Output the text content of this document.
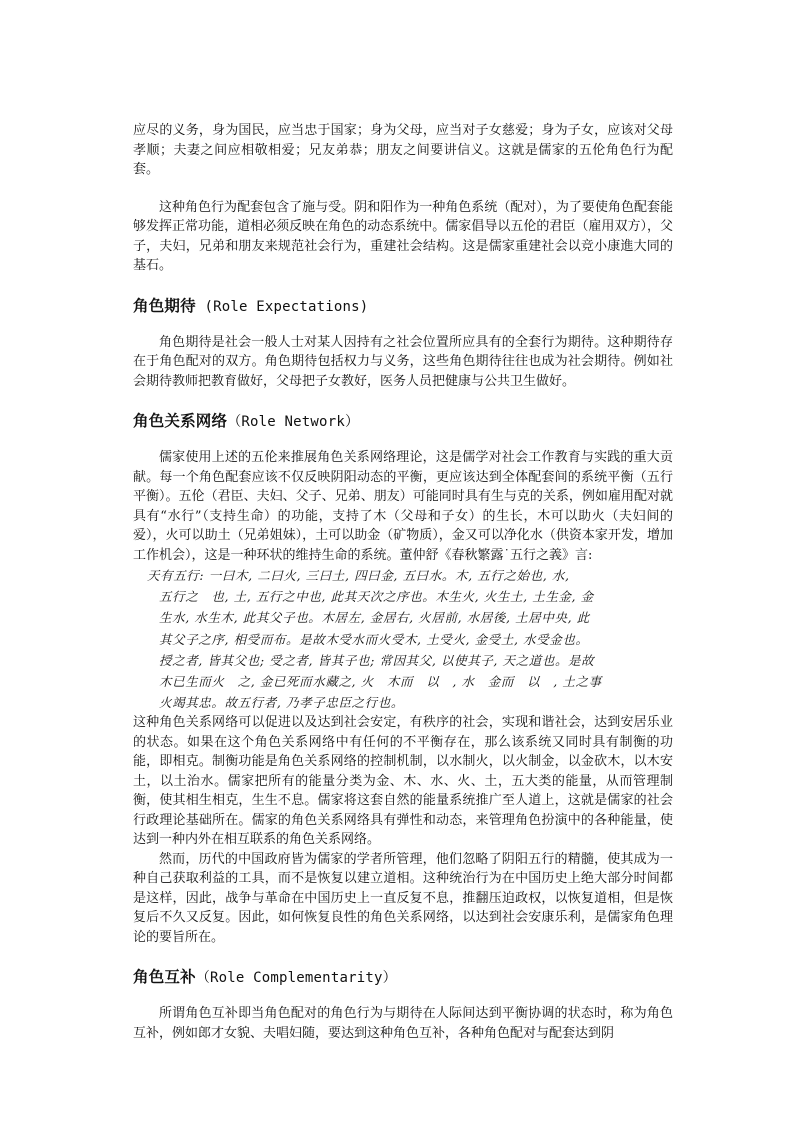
应尽的义务，身为国民，应当忠于国家；身为父母，应当对子女慈爱；身为子女，应该对父母孝顺；夫妻之间应相敬相爱；兄友弟恭；朋友之间要讲信义。这就是儒家的五伦角色行为配套。

这种角色行为配套包含了施与受。阴和阳作为一种角色系统（配对），为了要使角色配套能够发挥正常功能，道相必须反映在角色的动态系统中。儒家倡导以五伦的君臣（雇用双方），父子，夫妇，兄弟和朋友来规范社会行为，重建社会结构。这是儒家重建社会以竞小康進大同的基石。

角色期待 (Role Expectations)

角色期待是社会一般人士对某人因持有之社会位置所应具有的全套行为期待。这种期待存在于角色配对的双方。角色期待包括权力与义务，这些角色期待往往也成为社会期待。例如社会期待教师把教育做好，父母把子女教好，医务人员把健康与公共卫生做好。

角色关系网络（Role Network）

儒家使用上述的五伦来推展角色关系网络理论，这是儒学对社会工作教育与实践的重大贡献。每一个角色配套应该不仅反映阴阳动态的平衡，更应该达到全体配套间的系统平衡（五行平衡）。五伦（君臣、夫妇、父子、兄弟、朋友）可能同时具有生与克的关系，例如雇用配对就具有“水行”（支持生命）的功能，支持了木（父母和子女）的生长，木可以助火（夫妇间的爱），火可以助土（兄弟姐妹），土可以助金（矿物质），金又可以净化水（供资本家开发，增加工作机会），这是一种环状的维持生命的系统。董仲舒《春秋繁露˙五行之義》言:

天有五行: 一曰木, 二曰火, 三曰土, 四曰金, 五曰水。木, 五行之始也, 水,
五行之　也, 土, 五行之中也, 此其天次之序也。木生火, 火生土, 土生金, 金
生水, 水生木, 此其父子也。木居左, 金居右, 火居前, 水居後, 土居中央, 此
其父子之序, 相受而布。是故木受水而火受木, 土受火, 金受土, 水受金也。
授之者, 皆其父也; 受之者, 皆其子也; 常因其父, 以使其子, 天之道也。是故
木已生而火　之, 金已死而水藏之, 火　木而　以　, 水　金而　以　, 土之事
火竭其忠。故五行者, 乃孝子忠臣之行也。

这种角色关系网络可以促进以及达到社会安定，有秩序的社会，实现和谐社会，达到安居乐业的状态。如果在这个角色关系网络中有任何的不平衡存在，那么该系统又同时具有制衡的功能，即相克。制衡功能是角色关系网络的控制机制，以水制火，以火制金，以金砍木，以木安土，以土治水。儒家把所有的能量分类为金、木、水、火、土，五大类的能量，从而管理制衡，使其相生相克，生生不息。儒家将这套自然的能量系统推广至人道上，这就是儒家的社会行政理论基础所在。儒家的角色关系网络具有弹性和动态，来管理角色扮演中的各种能量，使达到一种内外在相互联系的角色关系网络。

然而，历代的中国政府皆为儒家的学者所管理，他们忽略了阴阳五行的精髓，使其成为一种自己获取利益的工具，而不是恢复以建立道相。这种统治行为在中国历史上绝大部分时间都是这样，因此，战争与革命在中国历史上一直反复不息，推翻压迫政权，以恢复道相，但是恢复后不久又反复。因此，如何恢复良性的角色关系网络，以达到社会安康乐利，是儒家角色理论的要旨所在。

角色互补（Role Complementarity）

所谓角色互补即当角色配对的角色行为与期待在人际间达到平衡协调的状态时，称为角色互补，例如郎才女貌、夫唱妇随，要达到这种角色互补，各种角色配对与配套达到阴
